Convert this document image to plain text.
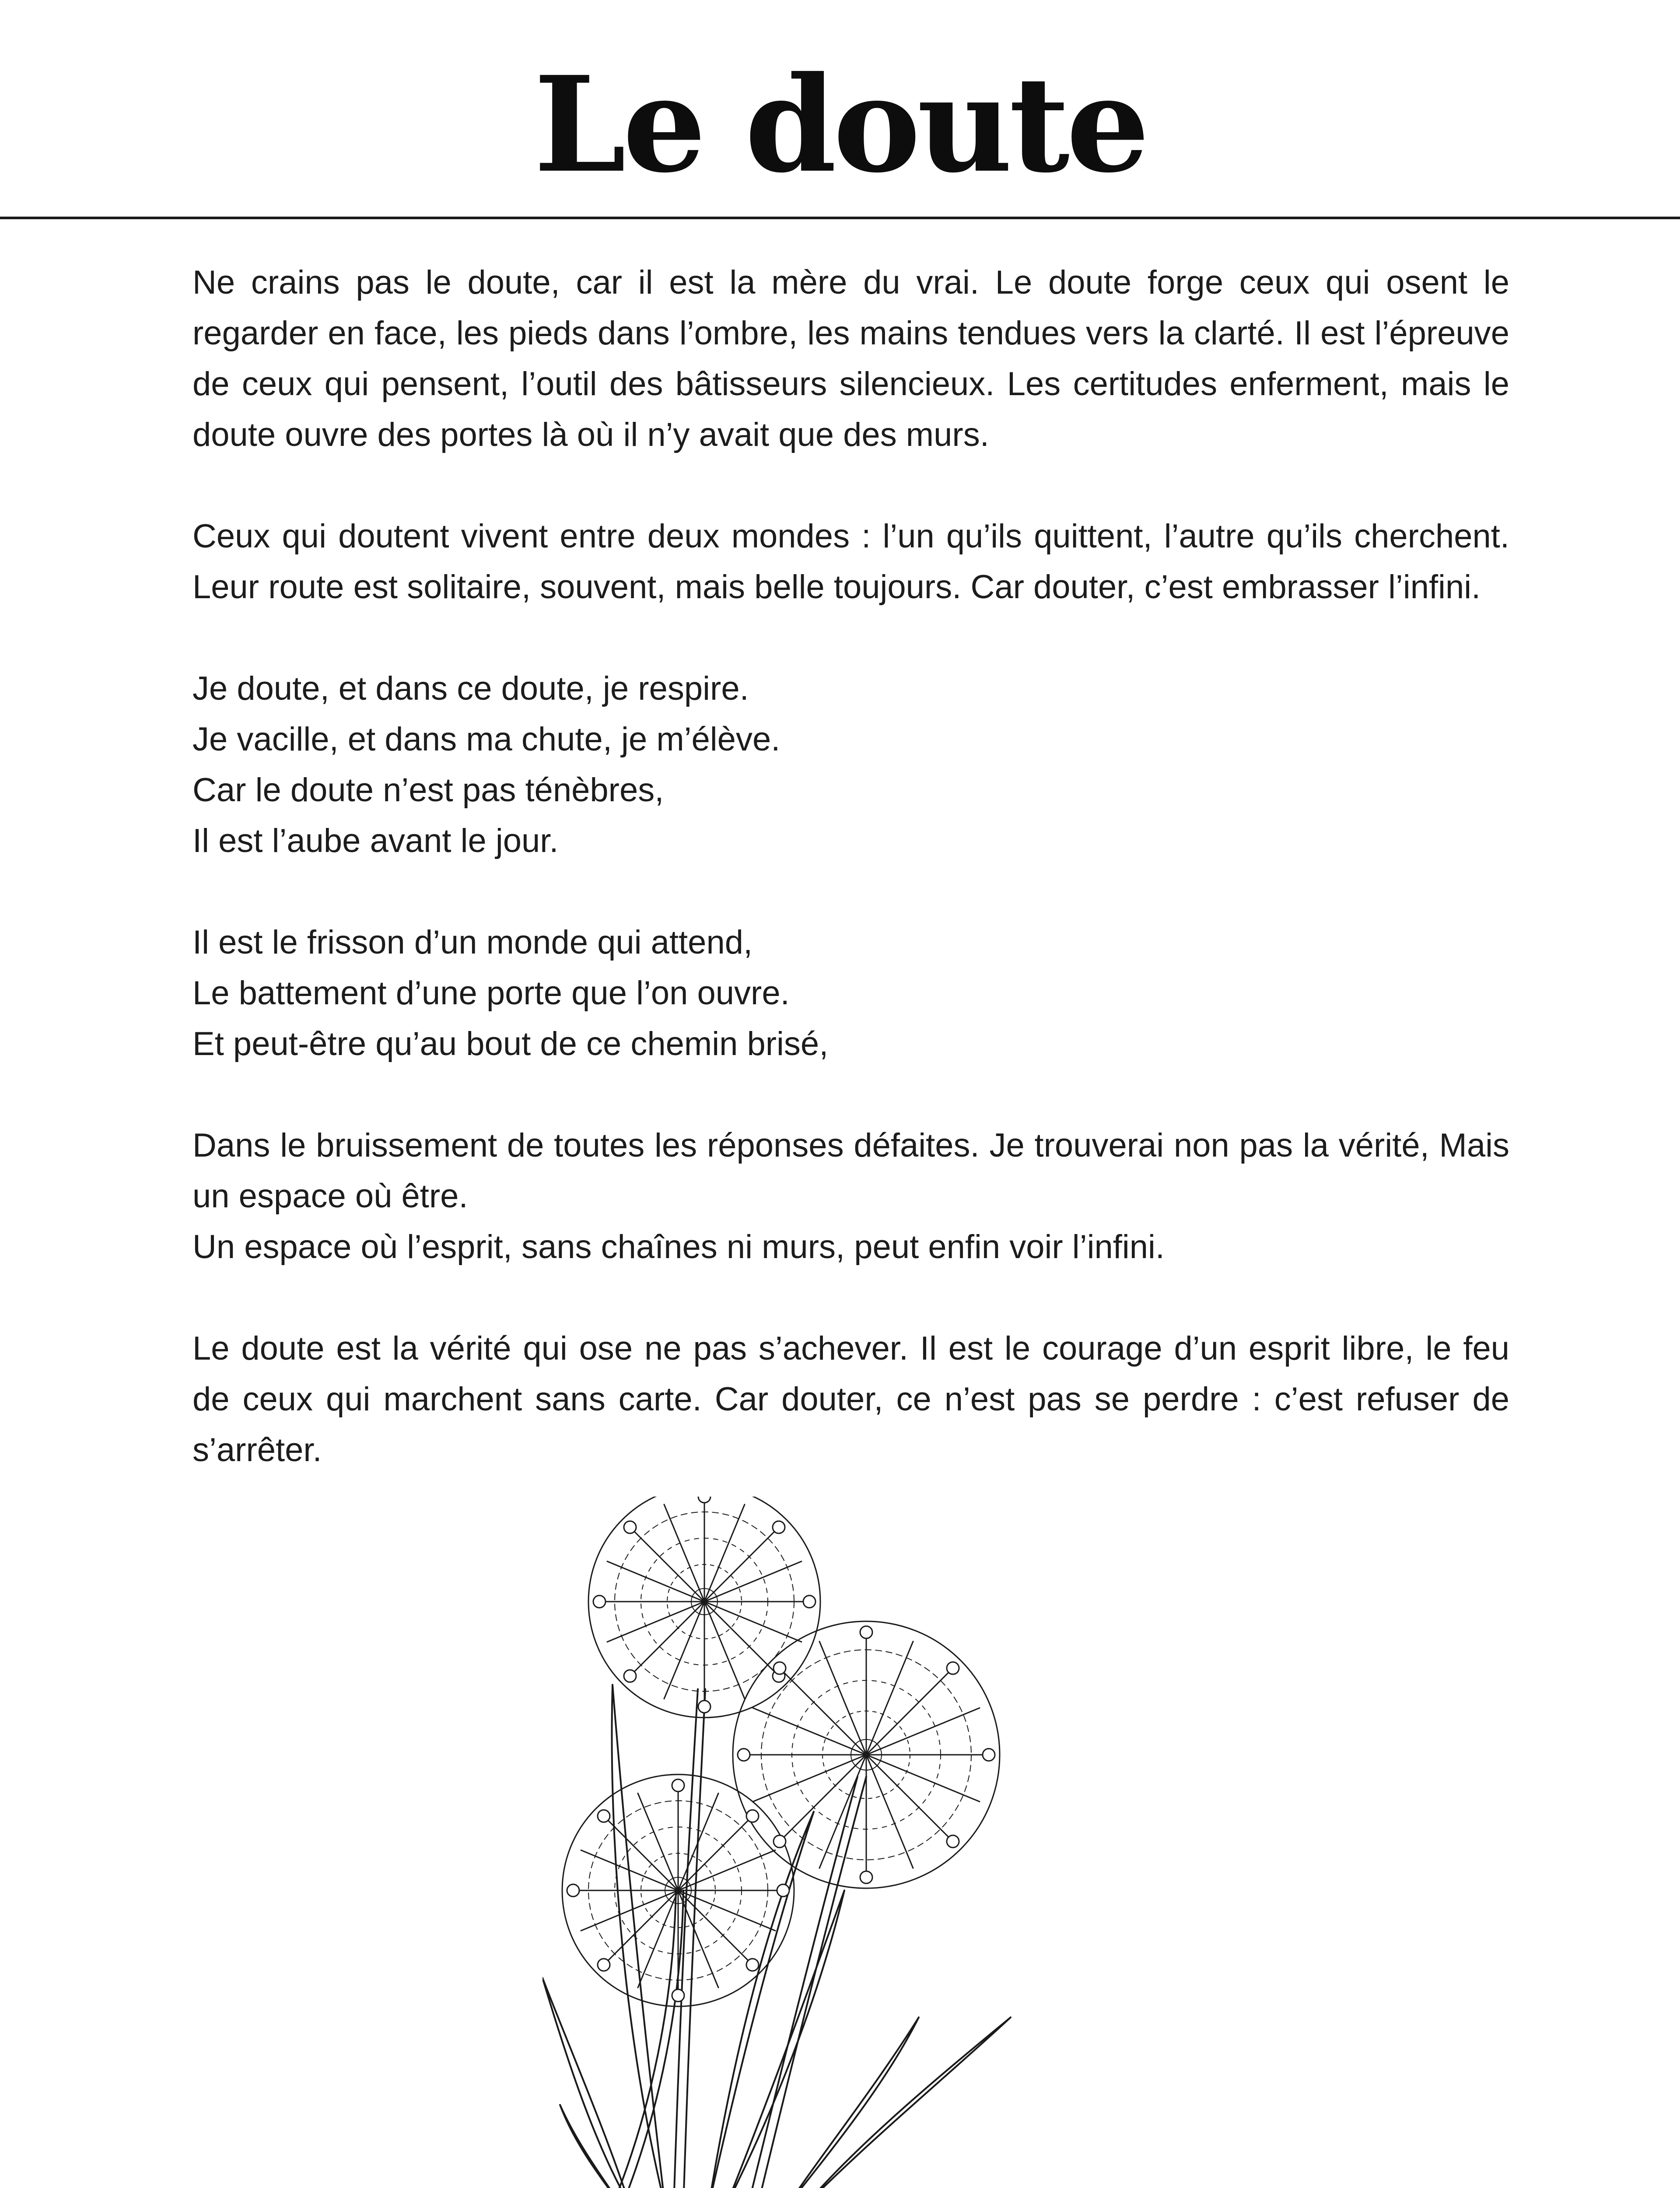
Le doute

Ne crains pas le doute, car il est la mère du vrai. Le doute forge ceux qui osent le regarder en face, les pieds dans l’ombre, les mains tendues vers la clarté. Il est l’épreuve de ceux qui pensent, l’outil des bâtisseurs silencieux. Les certitudes enferment, mais le doute ouvre des portes là où il n’y avait que des murs.

Ceux qui doutent vivent entre deux mondes : l’un qu’ils quittent, l’autre qu’ils cherchent. Leur route est solitaire, souvent, mais belle toujours. Car douter, c’est embrasser l’infini.

Je doute, et dans ce doute, je respire.
Je vacille, et dans ma chute, je m’élève.
Car le doute n’est pas ténèbres,
Il est l’aube avant le jour.

Il est le frisson d’un monde qui attend,
Le battement d’une porte que l’on ouvre.
Et peut-être qu’au bout de ce chemin brisé,

Dans le bruissement de toutes les réponses défaites. Je trouverai non pas la vérité, Mais un espace où être.
Un espace où l’esprit, sans chaînes ni murs, peut enfin voir l’infini.

Le doute est la vérité qui ose ne pas s’achever. Il est le courage d’un esprit libre, le feu de ceux qui marchent sans carte. Car douter, ce n’est pas se perdre : c’est refuser de s’arrêter.
